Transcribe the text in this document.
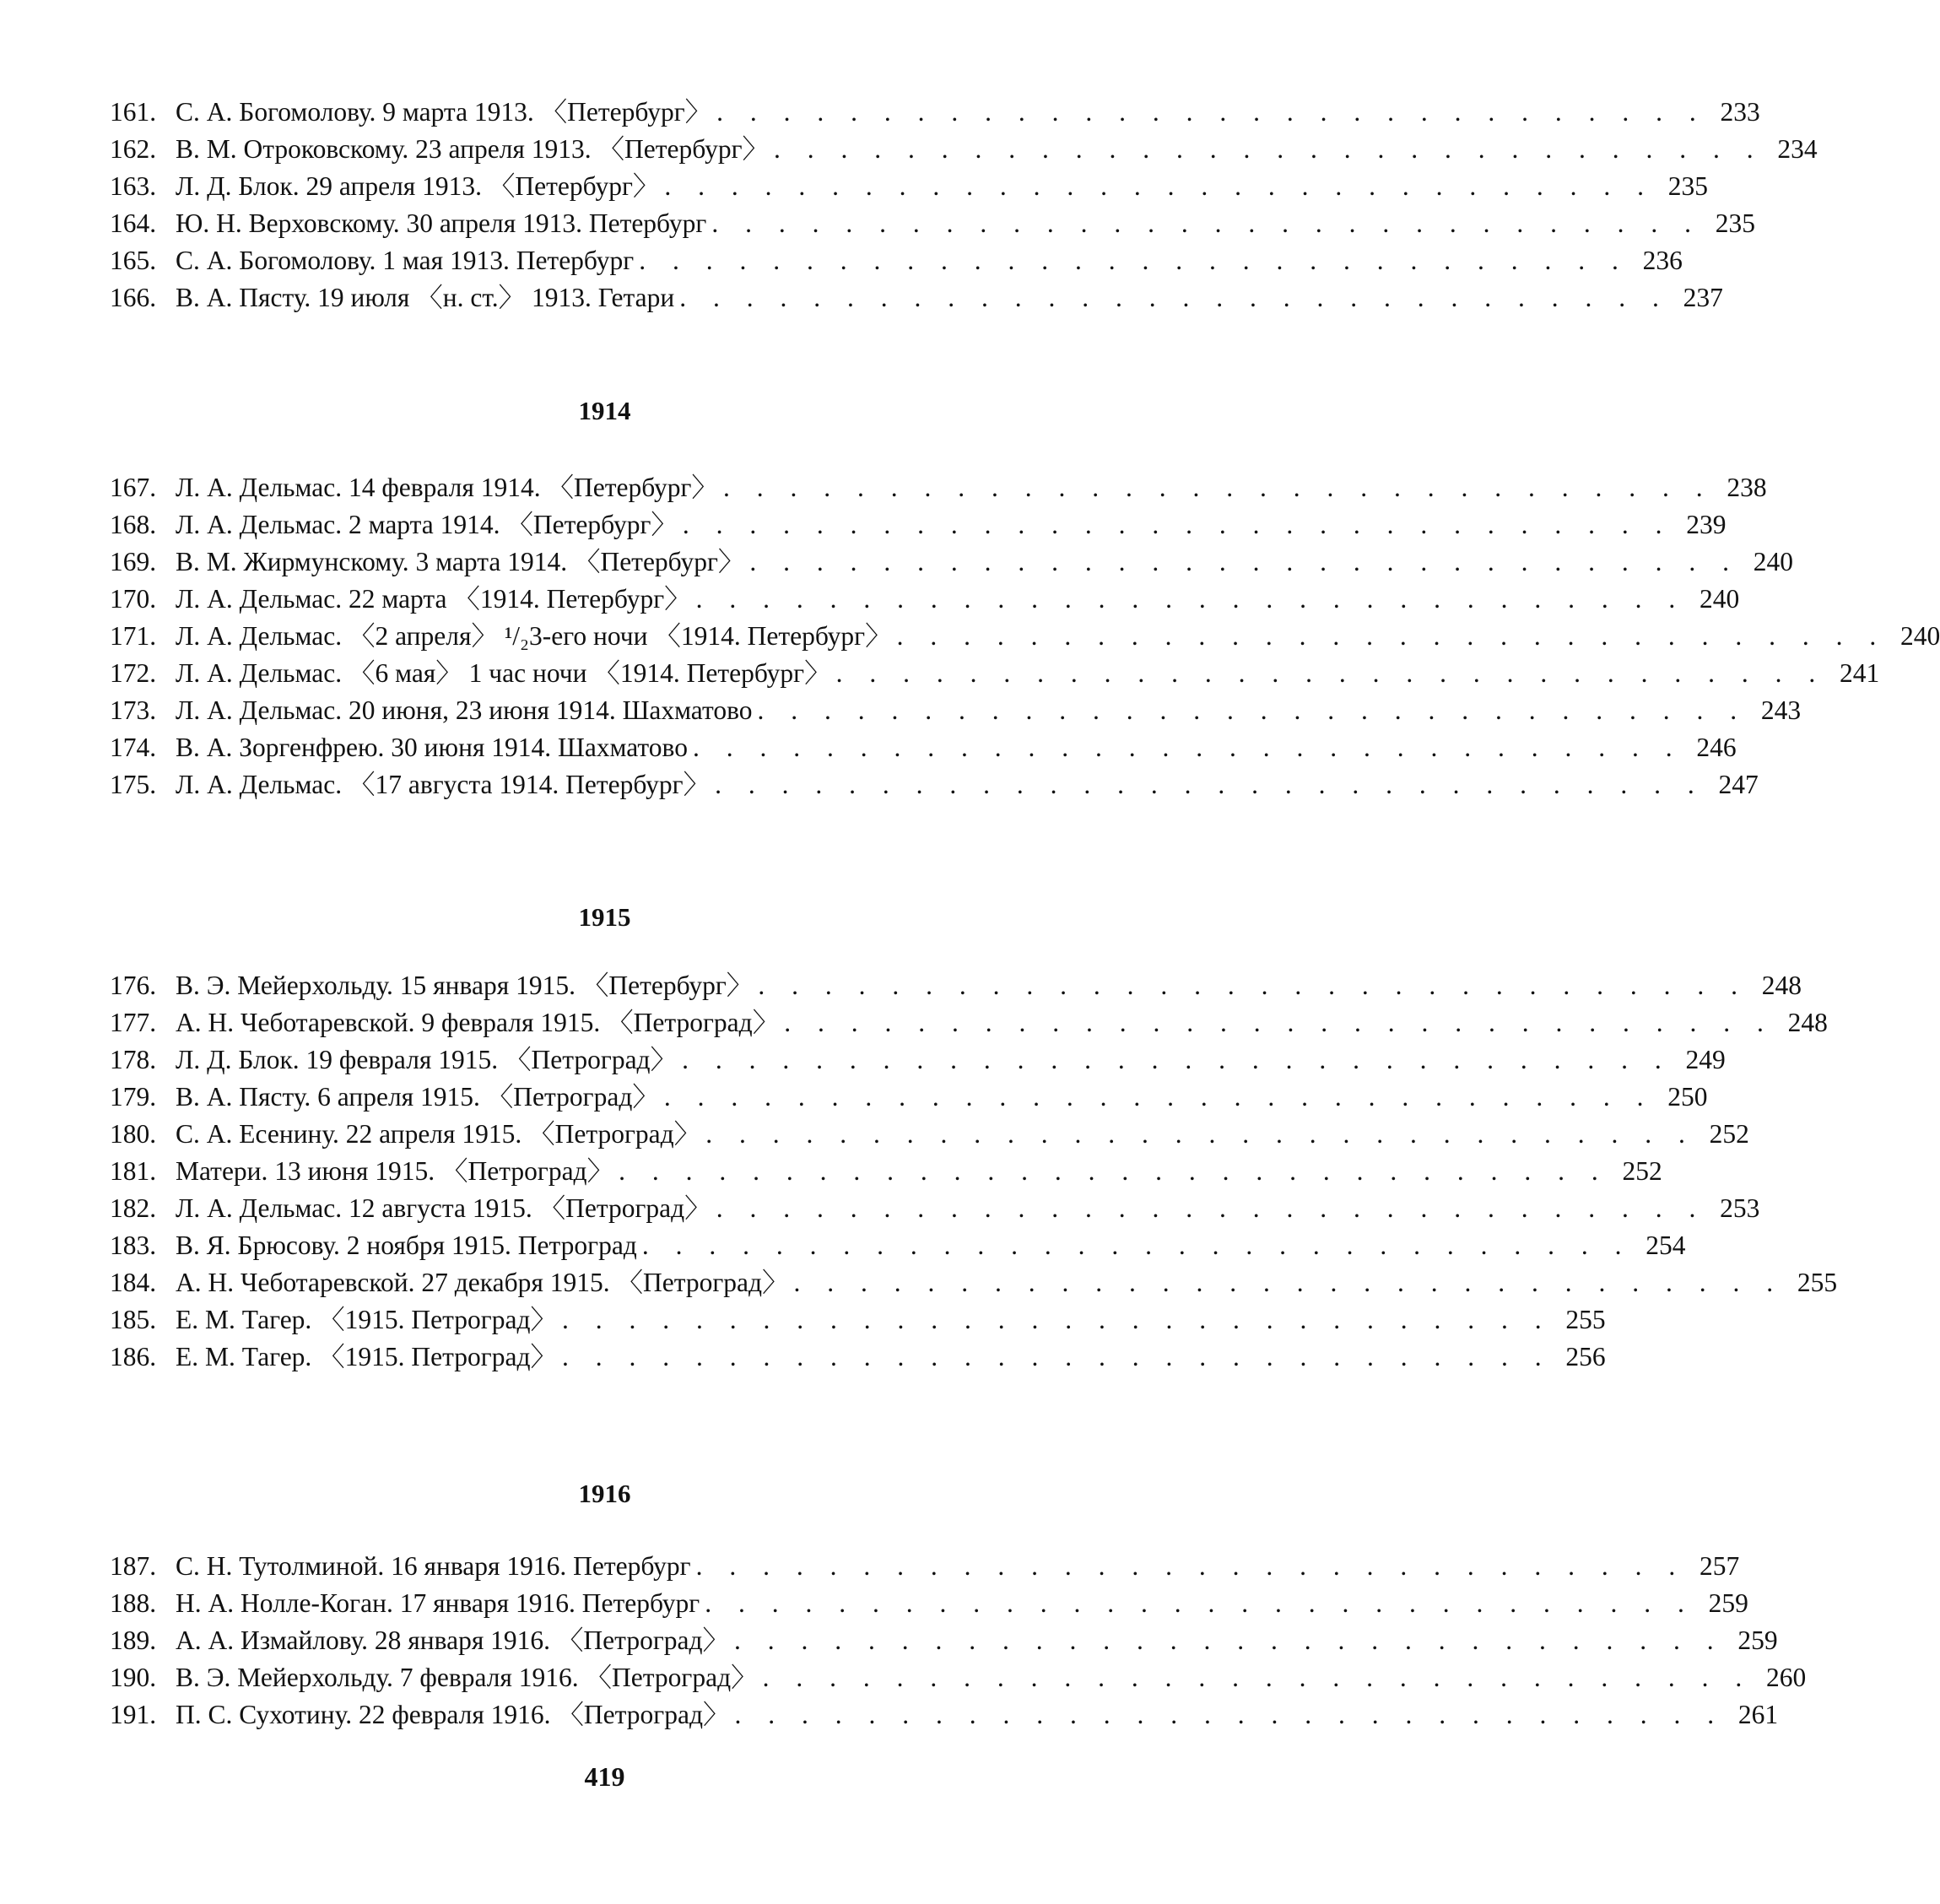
161. С. А. Богомолову. 9 марта 1913. 〈Петербург〉 . . .	233
162. В. М. Отроковскому. 23 апреля 1913. 〈Петербург〉 . . .	234
163. Л. Д. Блок. 29 апреля 1913. 〈Петербург〉 . . .	235
164. Ю. Н. Верховскому. 30 апреля 1913. Петербург . . .	235
165. С. А. Богомолову. 1 мая 1913. Петербург . . .	236
166. В. А. Пясту. 19 июля 〈н. ст.〉 1913. Гетари . . .	237
1914
167. Л. А. Дельмас. 14 февраля 1914. 〈Петербург〉 . . .	238
168. Л. А. Дельмас. 2 марта 1914. 〈Петербург〉 . . .	239
169. В. М. Жирмунскому. 3 марта 1914. 〈Петербург〉 . . .	240
170. Л. А. Дельмас. 22 марта 〈1914. Петербург〉 . . .	240
171. Л. А. Дельмас. 〈2 апреля〉 ¹/₂3-его ночи 〈1914. Петербург〉 . . .	240
172. Л. А. Дельмас. 〈6 мая〉 1 час ночи 〈1914. Петербург〉 . . .	241
173. Л. А. Дельмас. 20 июня, 23 июня 1914. Шахматово . . .	243
174. В. А. Зоргенфрею. 30 июня 1914. Шахматово . . .	246
175. Л. А. Дельмас. 〈17 августа 1914. Петербург〉 . . .	247
1915
176. В. Э. Мейерхольду. 15 января 1915. 〈Петербург〉 . . .	248
177. А. Н. Чеботаревской. 9 февраля 1915. 〈Петроград〉 . . .	248
178. Л. Д. Блок. 19 февраля 1915. 〈Петроград〉 . . .	249
179. В. А. Пясту. 6 апреля 1915. 〈Петроград〉 . . .	250
180. С. А. Есенину. 22 апреля 1915. 〈Петроград〉 . . .	252
181. Матери. 13 июня 1915. 〈Петроград〉 . . .	252
182. Л. А. Дельмас. 12 августа 1915. 〈Петроград〉 . . .	253
183. В. Я. Брюсову. 2 ноября 1915. Петроград . . .	254
184. А. Н. Чеботаревской. 27 декабря 1915. 〈Петроград〉 . . .	255
185. Е. М. Тагер. 〈1915. Петроград〉 . . .	255
186. Е. М. Тагер. 〈1915. Петроград〉 . . .	256
1916
187. С. Н. Тутолминой. 16 января 1916. Петербург . . .	257
188. Н. А. Нолле-Коган. 17 января 1916. Петербург . . .	259
189. А. А. Измайлову. 28 января 1916. 〈Петроград〉 . . .	259
190. В. Э. Мейерхольду. 7 февраля 1916. 〈Петроград〉 . . .	260
191. П. С. Сухотину. 22 февраля 1916. 〈Петроград〉 . . .	261
419
